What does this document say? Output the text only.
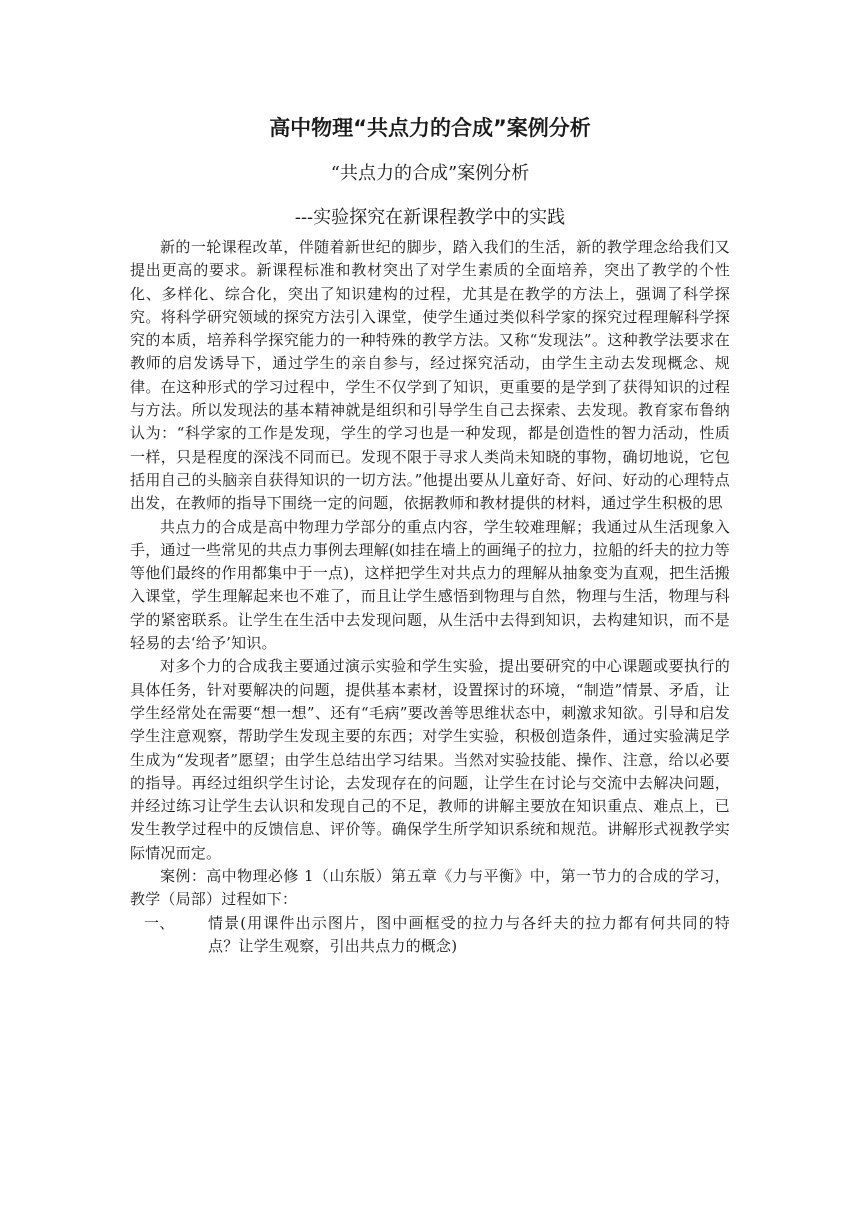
高中物理“共点力的合成”案例分析
“共点力的合成”案例分析
---实验探究在新课程教学中的实践

新的一轮课程改革，伴随着新世纪的脚步，踏入我们的生活，新的教学理念给我们又提出更高的要求。新课程标准和教材突出了对学生素质的全面培养，突出了教学的个性化、多样化、综合化，突出了知识建构的过程，尤其是在教学的方法上，强调了科学探究。将科学研究领域的探究方法引入课堂，使学生通过类似科学家的探究过程理解科学探究的本质，培养科学探究能力的一种特殊的教学方法。又称“发现法”。这种教学法要求在教师的启发诱导下，通过学生的亲自参与，经过探究活动，由学生主动去发现概念、规律。在这种形式的学习过程中，学生不仅学到了知识，更重要的是学到了获得知识的过程与方法。所以发现法的基本精神就是组织和引导学生自己去探索、去发现。教育家布鲁纳认为：“科学家的工作是发现，学生的学习也是一种发现，都是创造性的智力活动，性质一样，只是程度的深浅不同而已。发现不限于寻求人类尚未知晓的事物，确切地说，它包括用自己的头脑亲自获得知识的一切方法。”他提出要从儿童好奇、好问、好动的心理特点出发，在教师的指导下围绕一定的问题，依据教师和教材提供的材料，通过学生积极的思

共点力的合成是高中物理力学部分的重点内容，学生较难理解；我通过从生活现象入手，通过一些常见的共点力事例去理解(如挂在墙上的画绳子的拉力，拉船的纤夫的拉力等等他们最终的作用都集中于一点)，这样把学生对共点力的理解从抽象变为直观，把生活搬入课堂，学生理解起来也不难了，而且让学生感悟到物理与自然，物理与生活，物理与科学的紧密联系。让学生在生活中去发现问题，从生活中去得到知识，去构建知识，而不是轻易的去‘给予’知识。

对多个力的合成我主要通过演示实验和学生实验，提出要研究的中心课题或要执行的具体任务，针对要解决的问题，提供基本素材，设置探讨的环境，“制造”情景、矛盾，让学生经常处在需要“想一想”、还有“毛病”要改善等思维状态中，刺激求知欲。引导和启发学生注意观察，帮助学生发现主要的东西；对学生实验，积极创造条件，通过实验满足学生成为“发现者”愿望；由学生总结出学习结果。当然对实验技能、操作、注意，给以必要的指导。再经过组织学生讨论，去发现存在的问题，让学生在讨论与交流中去解决问题，并经过练习让学生去认识和发现自己的不足，教师的讲解主要放在知识重点、难点上，已发生教学过程中的反馈信息、评价等。确保学生所学知识系统和规范。讲解形式视教学实际情况而定。

案例：高中物理必修 1（山东版）第五章《力与平衡》中，第一节力的合成的学习，教学（局部）过程如下：

一、 情景(用课件出示图片，图中画框受的拉力与各纤夫的拉力都有何共同的特点？让学生观察，引出共点力的概念)
